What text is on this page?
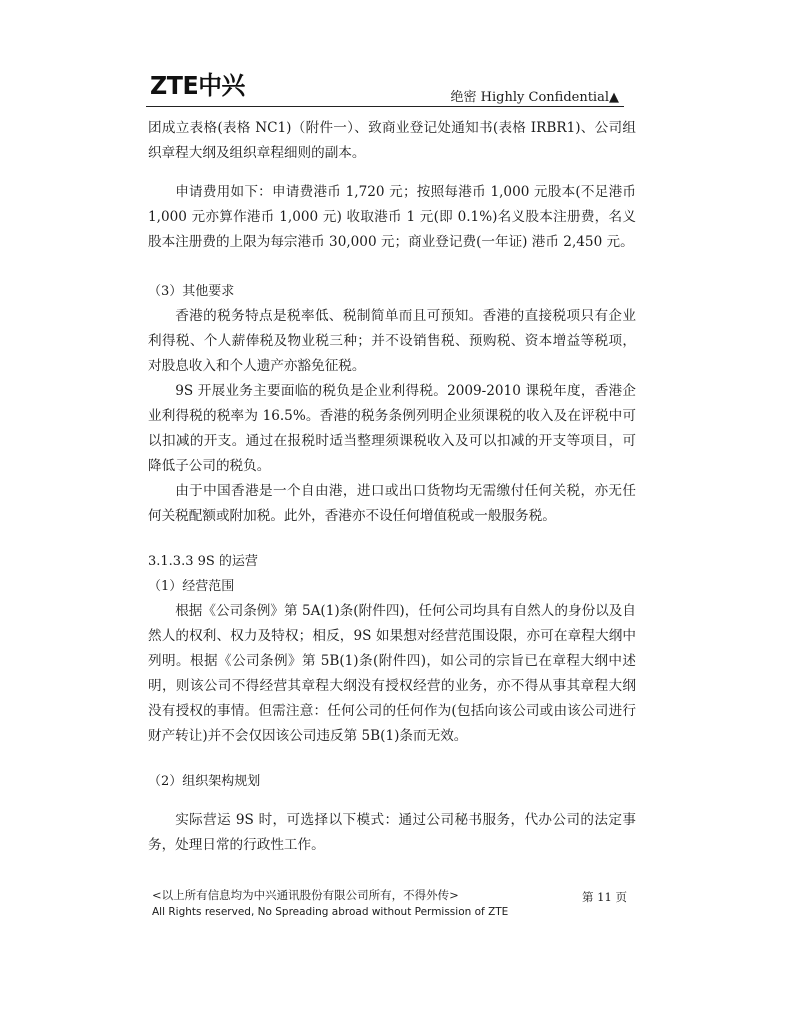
ZTE中兴	绝密 Highly Confidential▲

团成立表格(表格 NC1)（附件一）、致商业登记处通知书(表格 IRBR1)、公司组织章程大纲及组织章程细则的副本。

申请费用如下：申请费港币 1,720 元；按照每港币 1,000 元股本(不足港币 1,000 元亦算作港币 1,000 元) 收取港币 1 元(即 0.1%)名义股本注册费，名义股本注册费的上限为每宗港币 30,000 元；商业登记费(一年证) 港币 2,450 元。

（3）其他要求

香港的税务特点是税率低、税制简单而且可预知。香港的直接税项只有企业利得税、个人薪俸税及物业税三种；并不设销售税、预购税、资本增益等税项，对股息收入和个人遗产亦豁免征税。

9S 开展业务主要面临的税负是企业利得税。2009-2010 课税年度，香港企业利得税的税率为 16.5%。香港的税务条例列明企业须课税的收入及在评税中可以扣减的开支。通过在报税时适当整理须课税收入及可以扣减的开支等项目，可降低子公司的税负。

由于中国香港是一个自由港，进口或出口货物均无需缴付任何关税，亦无任何关税配额或附加税。此外，香港亦不设任何增值税或一般服务税。

3.1.3.3 9S 的运营

（1）经营范围

根据《公司条例》第 5A(1)条(附件四)，任何公司均具有自然人的身份以及自然人的权利、权力及特权；相反，9S 如果想对经营范围设限，亦可在章程大纲中列明。根据《公司条例》第 5B(1)条(附件四)，如公司的宗旨已在章程大纲中述明，则该公司不得经营其章程大纲没有授权经营的业务，亦不得从事其章程大纲没有授权的事情。但需注意：任何公司的任何作为(包括向该公司或由该公司进行财产转让)并不会仅因该公司违反第 5B(1)条而无效。

（2）组织架构规划

实际营运 9S 时，可选择以下模式：通过公司秘书服务，代办公司的法定事务，处理日常的行政性工作。

<以上所有信息均为中兴通讯股份有限公司所有，不得外传>
All Rights reserved, No Spreading abroad without Permission of ZTE
第 11 页
